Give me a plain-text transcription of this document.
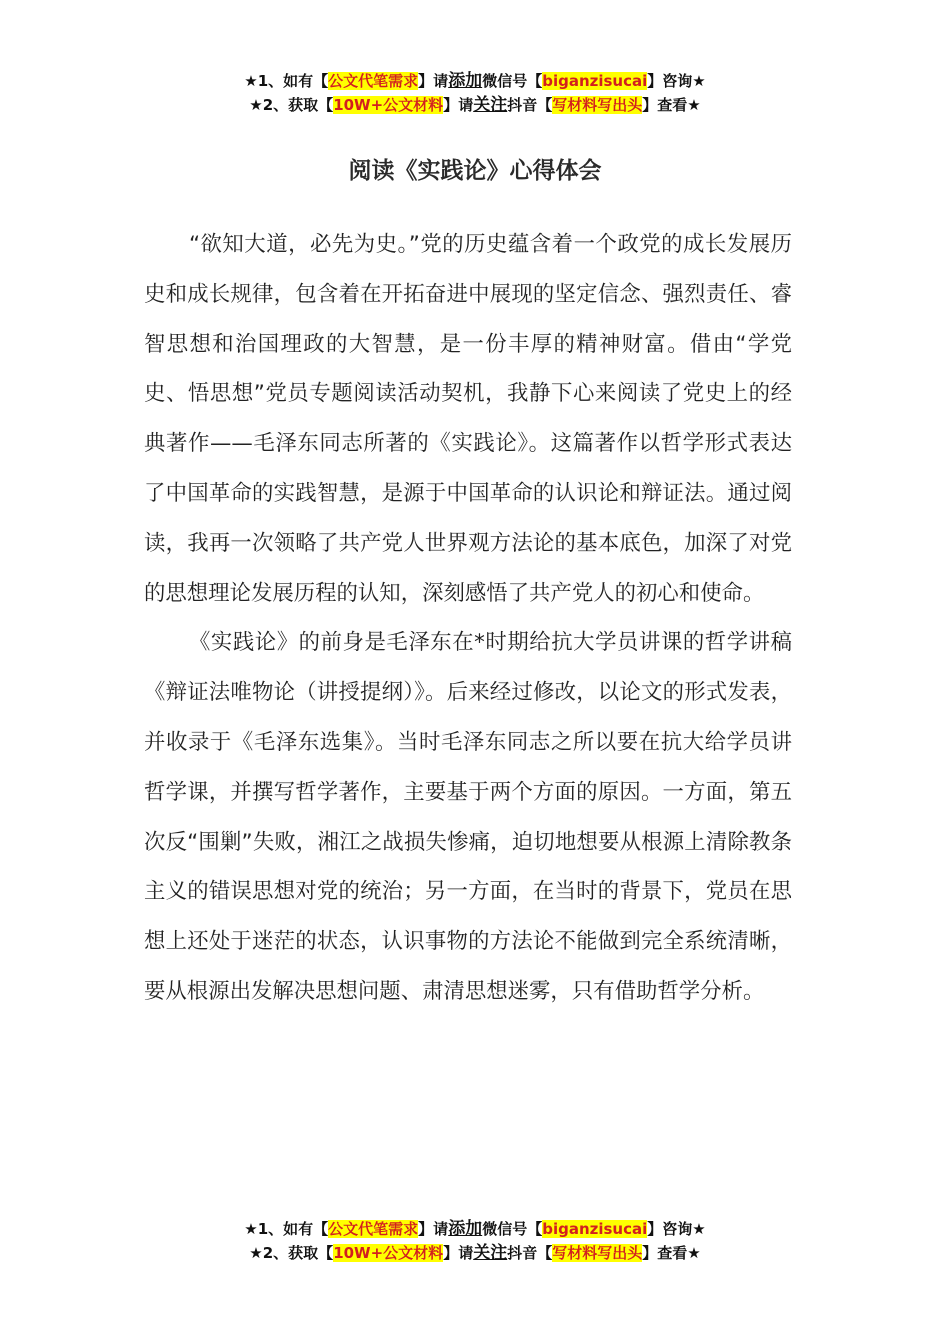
★1、如有【公文代笔需求】请添加微信号【biganzisucai】咨询★
★2、获取【10W+公文材料】请关注抖音【写材料写出头】查看★
阅读《实践论》心得体会

“欲知大道，必先为史。”党的历史蕴含着一个政党的成长发展历史和成长规律，包含着在开拓奋进中展现的坚定信念、强烈责任、睿智思想和治国理政的大智慧，是一份丰厚的精神财富。借由“学党史、悟思想”党员专题阅读活动契机，我静下心来阅读了党史上的经典著作——毛泽东同志所著的《实践论》。这篇著作以哲学形式表达了中国革命的实践智慧，是源于中国革命的认识论和辩证法。通过阅读，我再一次领略了共产党人世界观方法论的基本底色，加深了对党的思想理论发展历程的认知，深刻感悟了共产党人的初心和使命。

《实践论》的前身是毛泽东在*时期给抗大学员讲课的哲学讲稿《辩证法唯物论（讲授提纲）》。后来经过修改，以论文的形式发表，并收录于《毛泽东选集》。当时毛泽东同志之所以要在抗大给学员讲哲学课，并撰写哲学著作，主要基于两个方面的原因。一方面，第五次反“围剿”失败，湘江之战损失惨痛，迫切地想要从根源上清除教条主义的错误思想对党的统治；另一方面，在当时的背景下，党员在思想上还处于迷茫的状态，认识事物的方法论不能做到完全系统清晰，要从根源出发解决思想问题、肃清思想迷雾，只有借助哲学分析。

★1、如有【公文代笔需求】请添加微信号【biganzisucai】咨询★
★2、获取【10W+公文材料】请关注抖音【写材料写出头】查看★
